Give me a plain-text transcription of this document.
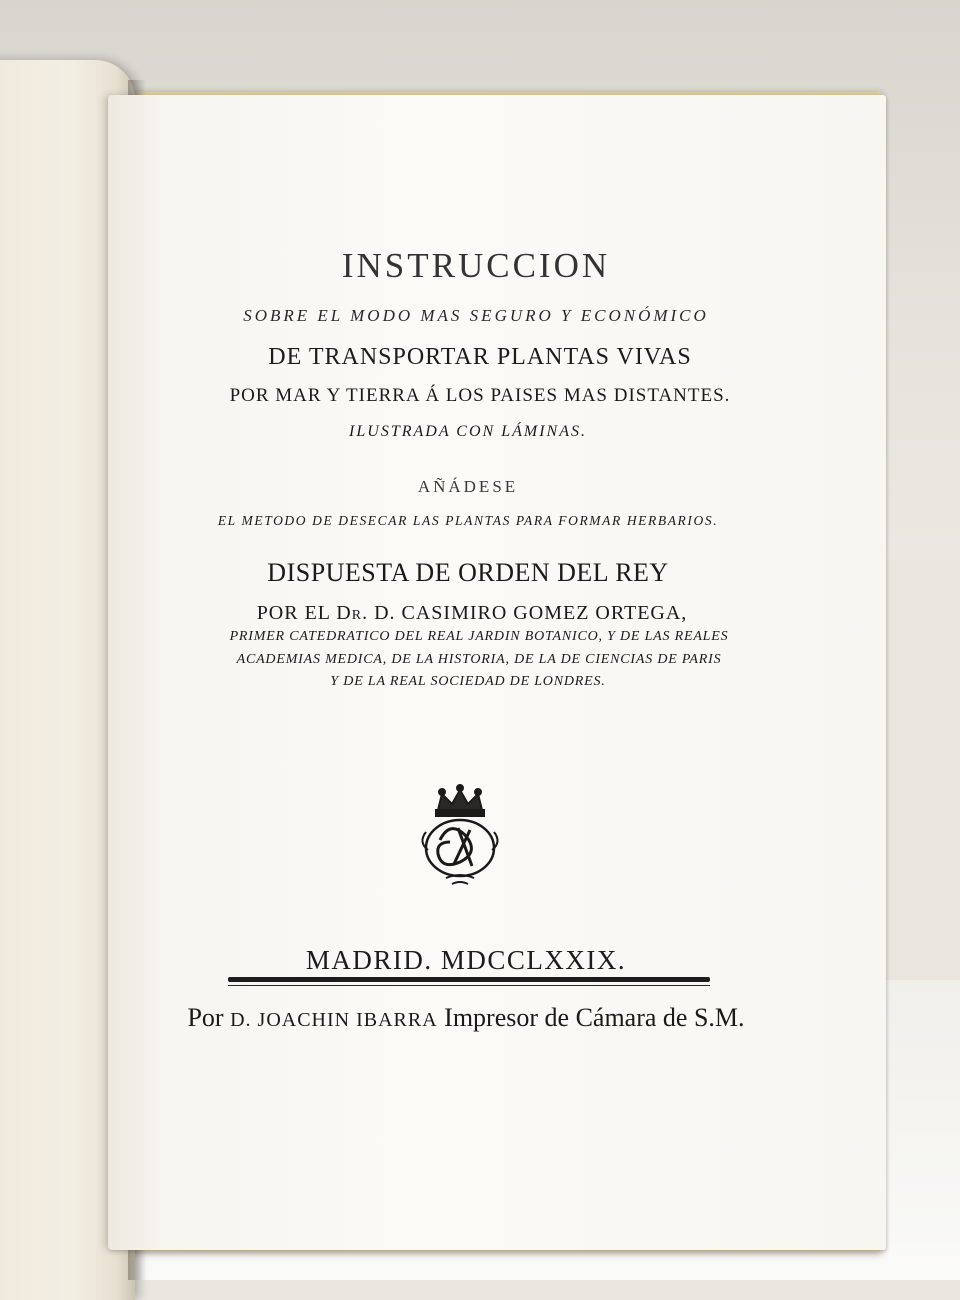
INSTRUCCION

SOBRE EL MODO MAS SEGURO Y ECONÓMICO

DE TRANSPORTAR PLANTAS VIVAS

POR MAR Y TIERRA Á LOS PAISES MAS DISTANTES.

ILUSTRADA CON LÁMINAS.

AÑÁDESE

EL METODO DE DESECAR LAS PLANTAS PARA FORMAR HERBARIOS.

DISPUESTA DE ORDEN DEL REY

POR EL Dr. D. CASIMIRO GOMEZ ORTEGA,

PRIMER CATEDRATICO DEL REAL JARDIN BOTANICO, Y DE LAS REALES

ACADEMIAS MEDICA, DE LA HISTORIA, DE LA DE CIENCIAS DE PARIS

Y DE LA REAL SOCIEDAD DE LONDRES.

MADRID. MDCCLXXIX.

Por D. JOACHIN IBARRA Impresor de Cámara de S.M.
